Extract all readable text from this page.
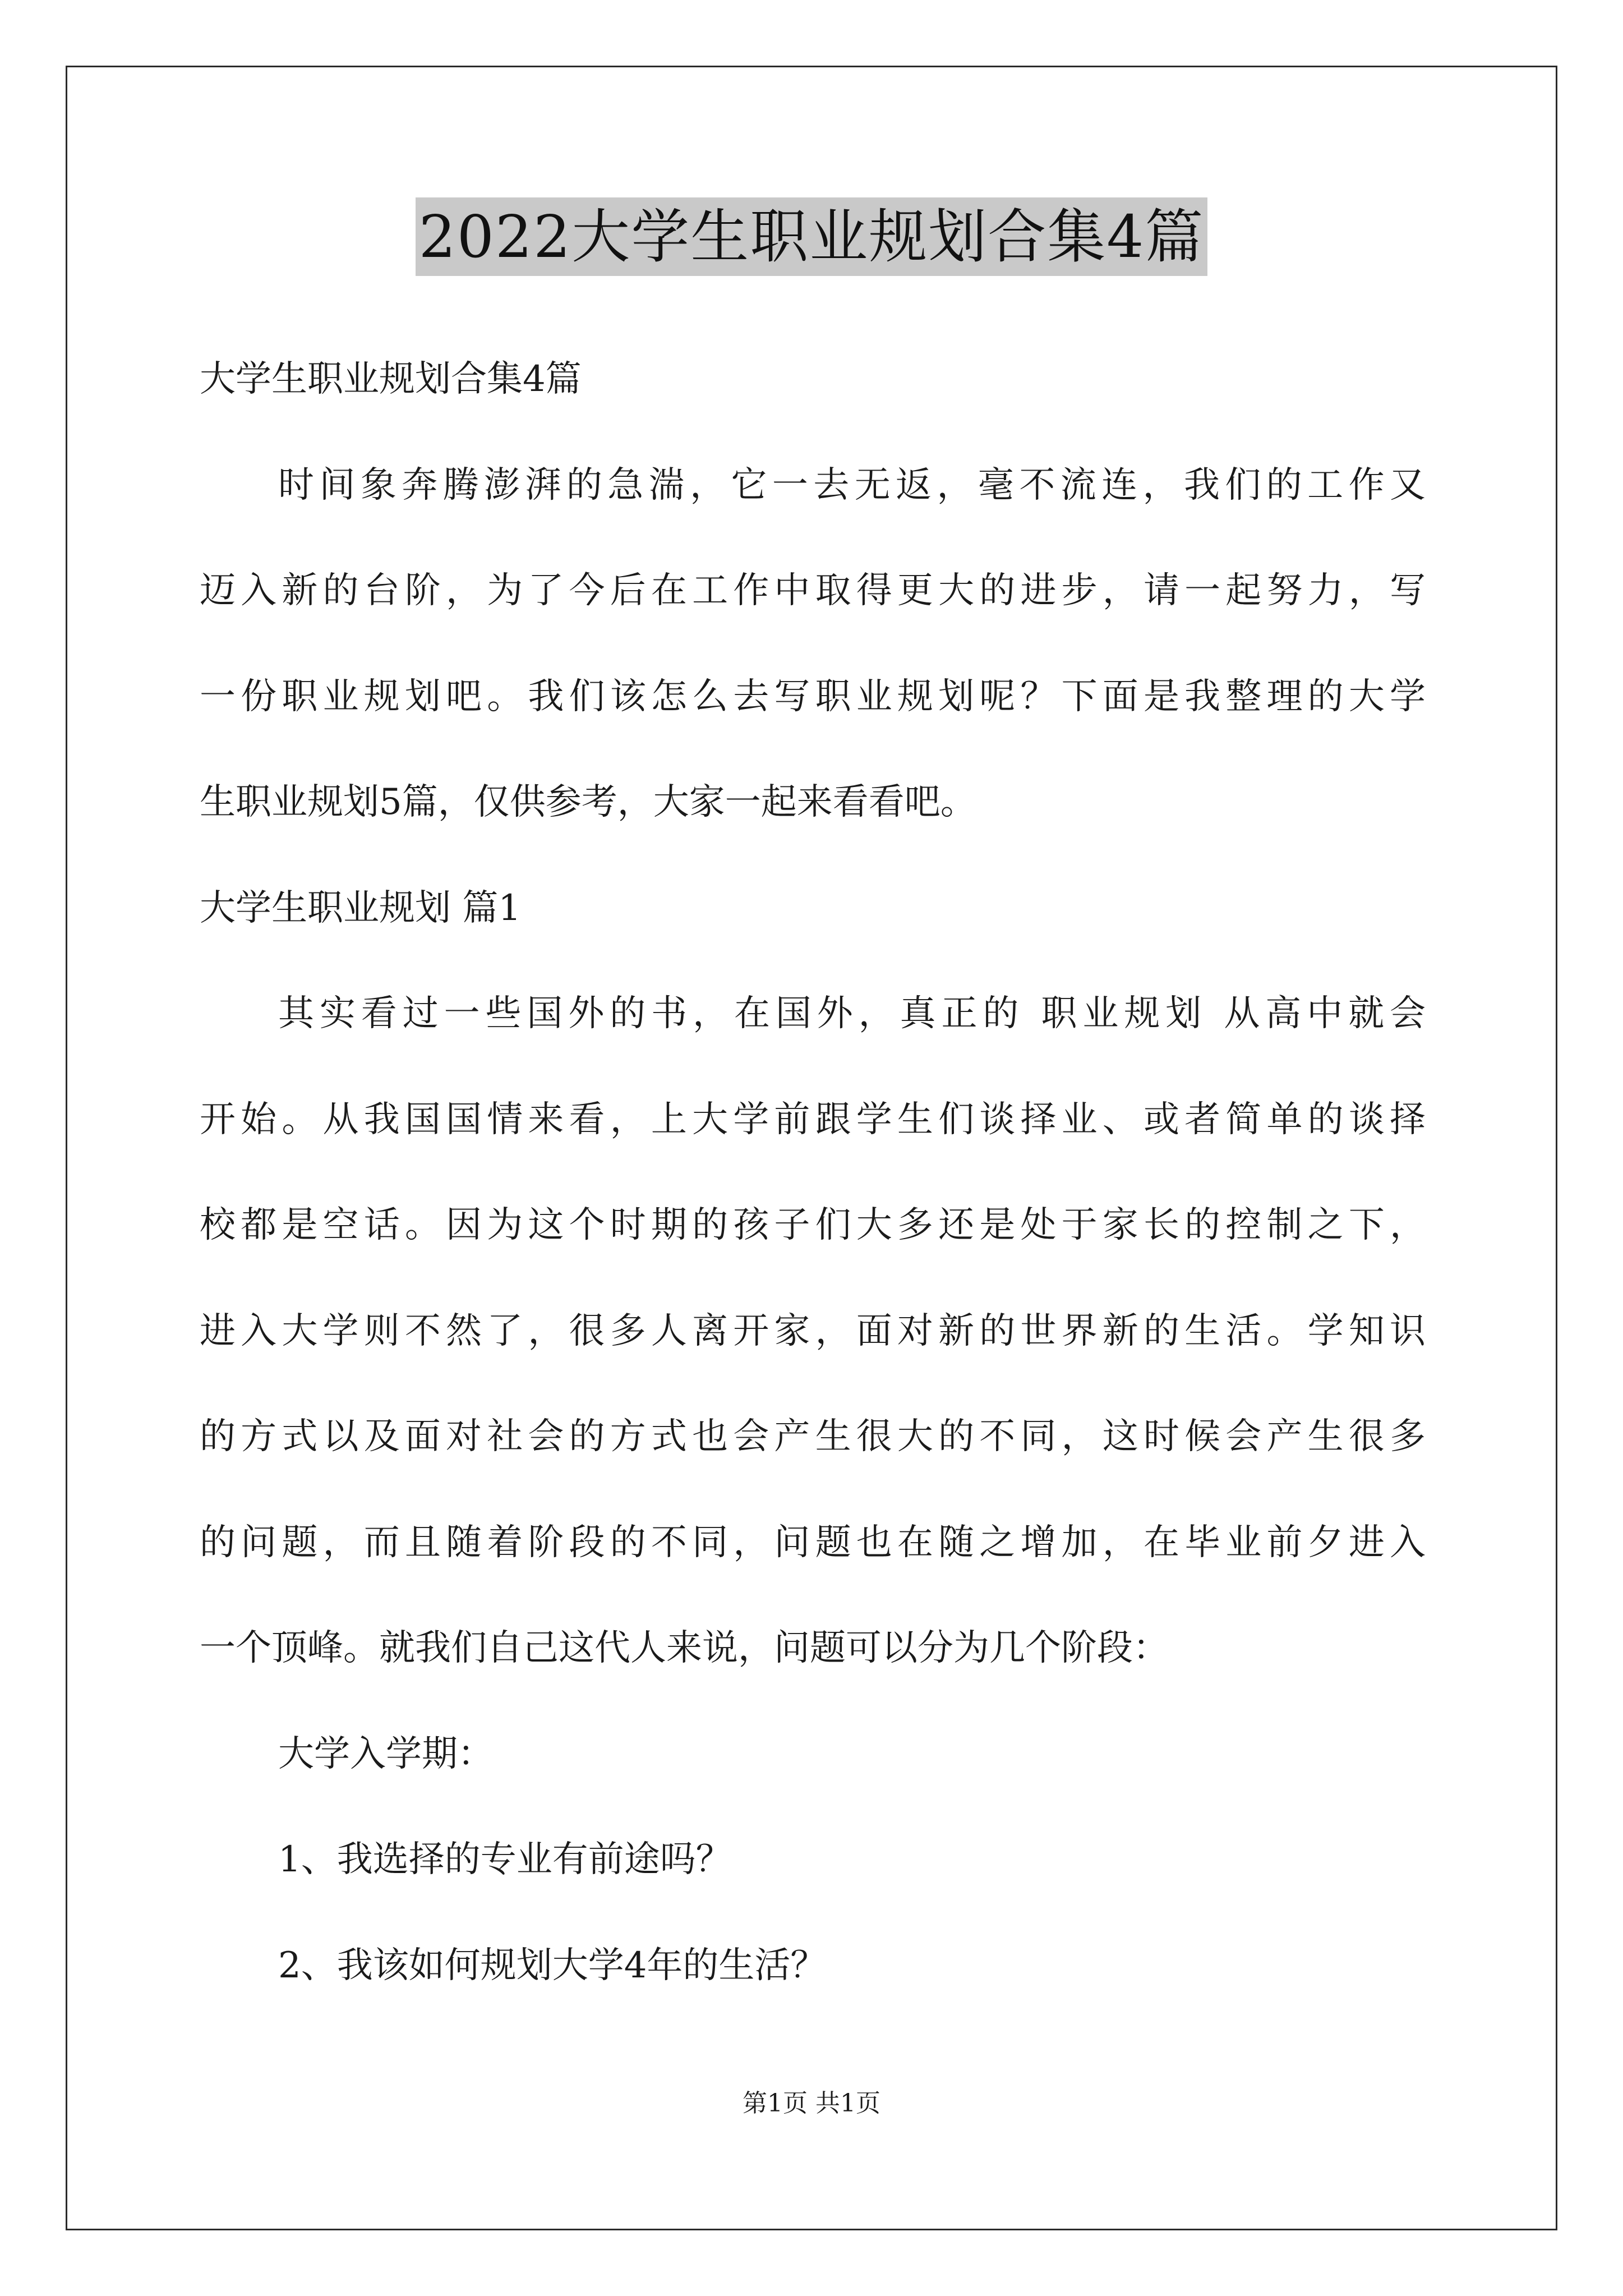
2022大学生职业规划合集4篇
大学生职业规划合集4篇
时间象奔腾澎湃的急湍，它一去无返，毫不流连，我们的工作又
迈入新的台阶，为了今后在工作中取得更大的进步，请一起努力，写
一份职业规划吧。我们该怎么去写职业规划呢？下面是我整理的大学
生职业规划5篇，仅供参考，大家一起来看看吧。
大学生职业规划 篇1
其实看过一些国外的书，在国外，真正的 职业规划 从高中就会
开始。从我国国情来看，上大学前跟学生们谈择业、或者简单的谈择
校都是空话。因为这个时期的孩子们大多还是处于家长的控制之下，
进入大学则不然了，很多人离开家，面对新的世界新的生活。学知识
的方式以及面对社会的方式也会产生很大的不同，这时候会产生很多
的问题，而且随着阶段的不同，问题也在随之增加，在毕业前夕进入
一个顶峰。就我们自己这代人来说，问题可以分为几个阶段：
大学入学期：
1、我选择的专业有前途吗？
2、我该如何规划大学4年的生活？
第1页 共1页
